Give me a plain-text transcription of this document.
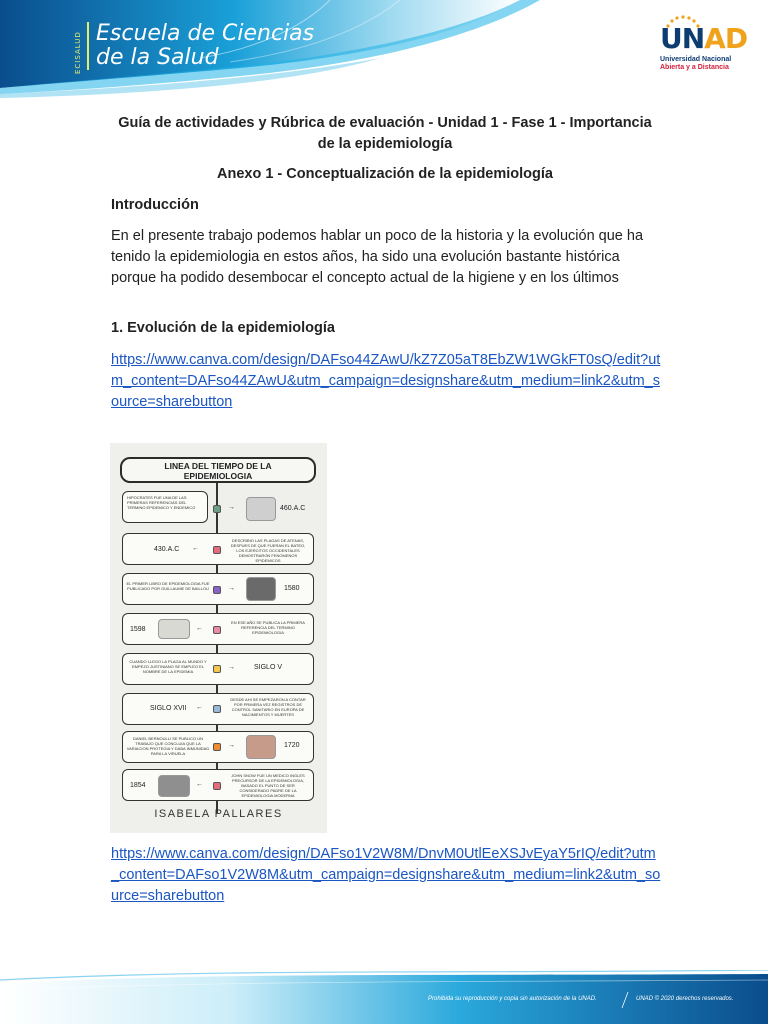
ECISALUD Escuela de Ciencias
de la Salud
UNAD
Universidad Nacional
Abierta y a Distancia
Guía de actividades y Rúbrica de evaluación - Unidad 1 - Fase 1 - Importancia
de la epidemiología
Anexo 1 - Conceptualización de la epidemiología
Introducción
En el presente trabajo podemos hablar un poco de la historia y la evolución que ha tenido la epidemiologia en estos años, ha sido una evolución bastante histórica porque ha podido desembocar el concepto actual de la higiene y en los últimos
1. Evolución de la epidemiología
https://www.canva.com/design/DAFso44ZAwU/kZ7Z05aT8EbZW1WGkFT0sQ/edit?utm_content=DAFso44ZAwU&utm_campaign=designshare&utm_medium=link2&utm_source=sharebutton
LINEA DEL TIEMPO DE LA
EPIDEMIOLOGIA
HIPOCRATES FUE UNA DE LAS PRIMERAS REFERENCIAS DEL TERMINO EPIDEMICO Y ENDEMICO	→	460.A.C
430.A.C ←
DESCRIBIO LAS PLAGAS DE ATENAS, DESPUES DE QUE FUERAN EL BATEO, LOS EJERCITOS OCCIDENTALES DEMOSTRARON FENOMENOS EPIDEMICOS
EL PRIMER LIBRO DE EPIDEMIOLOGIA FUE PUBLICADO POR GUILLAUME DE BAILLOU	→	1580
1598	←
EN ESE AÑO SE PUBLICA LA PRIMERA REFERENCIA DEL TERMINO EPIDEMIOLOGIA
CUANDO LLEGO LA PLAGA AL MUNDO Y EMPEZO JUSTINIANO SE EMPLEO EL NOMBRE DE LA EPIDEMIA
→	SIGLO V
SIGLO XVII ←
DESDE AHI SE EMPEZARON A CONTAR POR PRIMERA VEZ REGISTROS DE CONTROL SANITARIO EN EUROPA DE NACIMIENTOS Y MUERTES
DANIEL BERNOULLI SE PUBLICO UN TRABAJO QUE CONCLUIA QUE LA VARIACION PROTEGIA Y DABA INMUNIDAD PARA LA VIRUELA
→	1720
1854	←
JOHN SNOW FUE UN MEDICO INGLES PRECURSOR DE LA EPIDEMIOLOGIA, BASADO EL PUNTO DE SER CONSIDERADO PADRE DE LA EPIDEMIOLOGIA MODERNA
ISABELA PALLARES
https://www.canva.com/design/DAFso1V2W8M/DnvM0UtlEeXSJvEyaY5rIQ/edit?utm_content=DAFso1V2W8M&utm_campaign=designshare&utm_medium=link2&utm_source=sharebutton
Prohibida su reproducción y copia sin autorización de la UNAD.	UNAD © 2020 derechos reservados.
